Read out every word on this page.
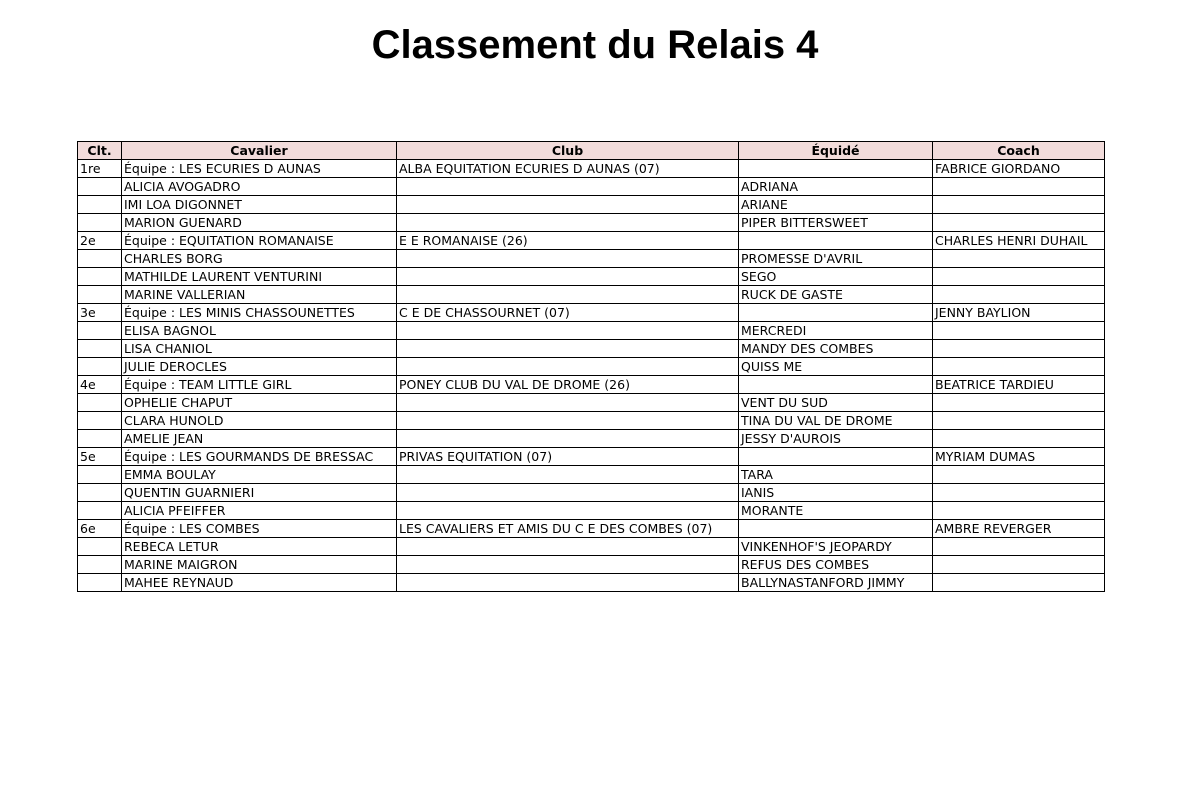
Classement du Relais 4
Clt.	Cavalier	Club	Équidé	Coach
1re	Équipe : LES ECURIES D AUNAS	ALBA EQUITATION ECURIES D AUNAS (07)		FABRICE GIORDANO
	ALICIA AVOGADRO		ADRIANA	
	IMI LOA DIGONNET		ARIANE	
	MARION GUENARD		PIPER BITTERSWEET	
2e	Équipe : EQUITATION ROMANAISE	E E ROMANAISE (26)		CHARLES HENRI DUHAIL
	CHARLES BORG		PROMESSE D'AVRIL	
	MATHILDE LAURENT VENTURINI		SEGO	
	MARINE VALLERIAN		RUCK DE GASTE	
3e	Équipe : LES MINIS CHASSOUNETTES	C E DE CHASSOURNET (07)		JENNY BAYLION
	ELISA BAGNOL		MERCREDI	
	LISA CHANIOL		MANDY DES COMBES	
	JULIE DEROCLES		QUISS ME	
4e	Équipe : TEAM LITTLE GIRL	PONEY CLUB DU VAL DE DROME (26)		BEATRICE TARDIEU
	OPHELIE CHAPUT		VENT DU SUD	
	CLARA HUNOLD		TINA DU VAL DE DROME	
	AMELIE JEAN		JESSY D'AUROIS	
5e	Équipe : LES GOURMANDS DE BRESSAC	PRIVAS EQUITATION (07)		MYRIAM DUMAS
	EMMA BOULAY		TARA	
	QUENTIN GUARNIERI		IANIS	
	ALICIA PFEIFFER		MORANTE	
6e	Équipe : LES COMBES	LES CAVALIERS ET AMIS DU C E DES COMBES (07)		AMBRE REVERGER
	REBECA LETUR		VINKENHOF'S JEOPARDY	
	MARINE MAIGRON		REFUS DES COMBES	
	MAHEE REYNAUD		BALLYNASTANFORD JIMMY	
